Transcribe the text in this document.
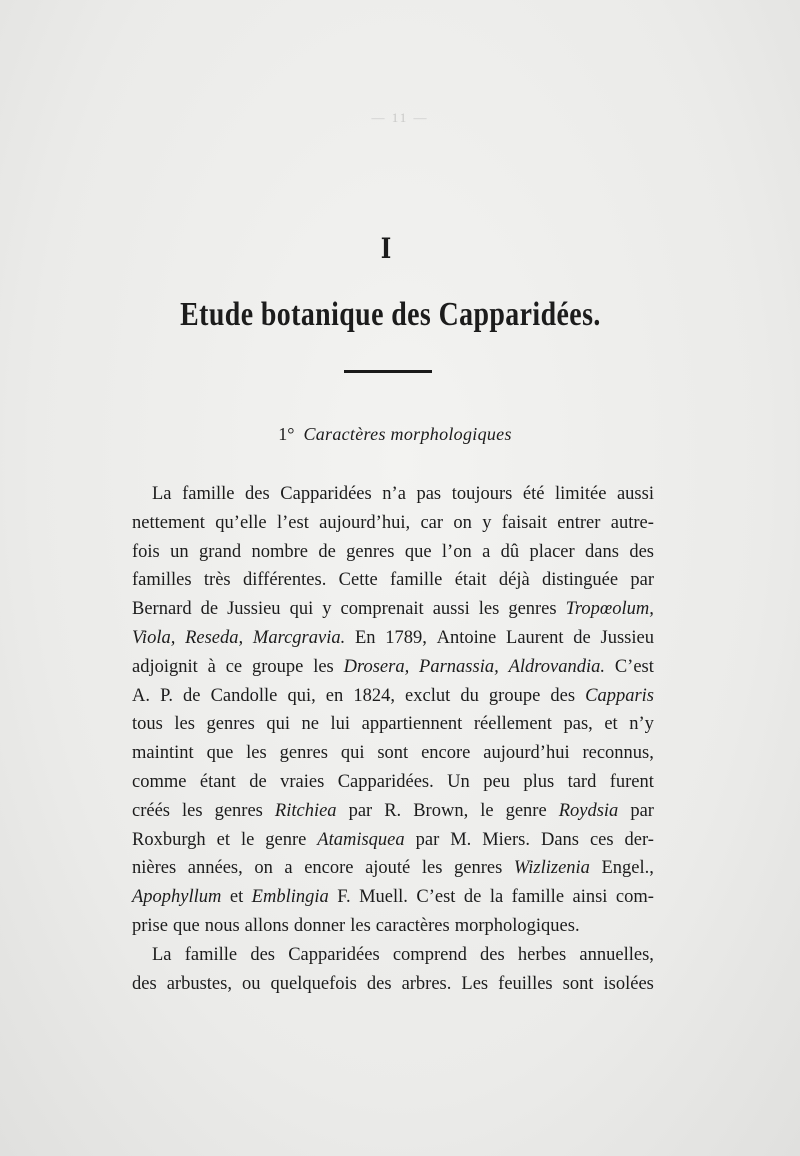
— 11 —
I
Etude botanique des Capparidées.
1° Caractères morphologiques
La famille des Capparidées n’a pas toujours été limitée aussi
nettement qu’elle l’est aujourd’hui, car on y faisait entrer autre-
fois un grand nombre de genres que l’on a dû placer dans des
familles très différentes. Cette famille était déjà distinguée par
Bernard de Jussieu qui y comprenait aussi les genres Tropœolum,
Viola, Reseda, Marcgravia. En 1789, Antoine Laurent de Jussieu
adjoignit à ce groupe les Drosera, Parnassia, Aldrovandia. C’est
A. P. de Candolle qui, en 1824, exclut du groupe des Capparis
tous les genres qui ne lui appartiennent réellement pas, et n’y
maintint que les genres qui sont encore aujourd’hui reconnus,
comme étant de vraies Capparidées. Un peu plus tard furent
créés les genres Ritchiea par R. Brown, le genre Roydsia par
Roxburgh et le genre Atamisquea par M. Miers. Dans ces der-
nières années, on a encore ajouté les genres Wizlizenia Engel.,
Apophyllum et Emblingia F. Muell. C’est de la famille ainsi com-
prise que nous allons donner les caractères morphologiques.
La famille des Capparidées comprend des herbes annuelles,
des arbustes, ou quelquefois des arbres. Les feuilles sont isolées
